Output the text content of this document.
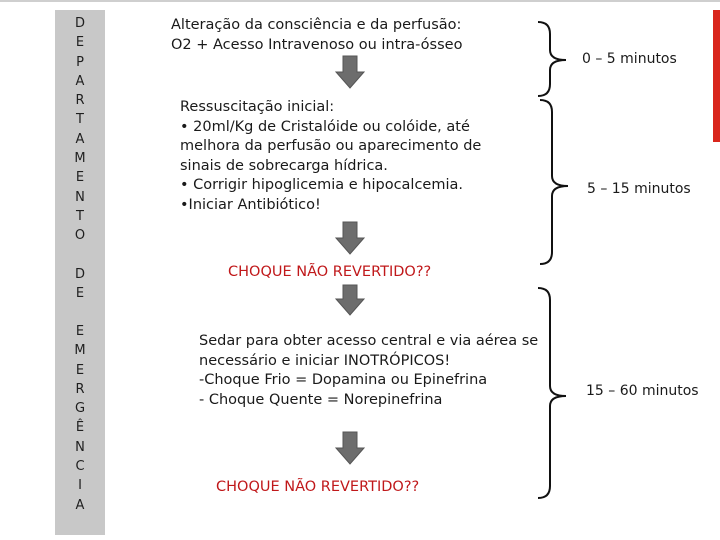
D
E
P
A
R
T
A
M
E
N
T
O
D
E
E
M
E
R
G
Ê
N
C
I
A
Alteração da consciência e da perfusão:
O2 + Acesso Intravenoso ou intra-ósseo
Ressuscitação inicial:
• 20ml/Kg de Cristalóide ou colóide, até
melhora da perfusão ou aparecimento de
sinais de sobrecarga hídrica.
• Corrigir hipoglicemia e hipocalcemia.
•Iniciar Antibiótico!
CHOQUE NÃO REVERTIDO??
Sedar para obter acesso central e via aérea se
necessário e iniciar INOTRÓPICOS!
-Choque Frio = Dopamina ou Epinefrina
- Choque Quente = Norepinefrina
CHOQUE NÃO REVERTIDO??
0 – 5 minutos
5 – 15 minutos
15 – 60 minutos
